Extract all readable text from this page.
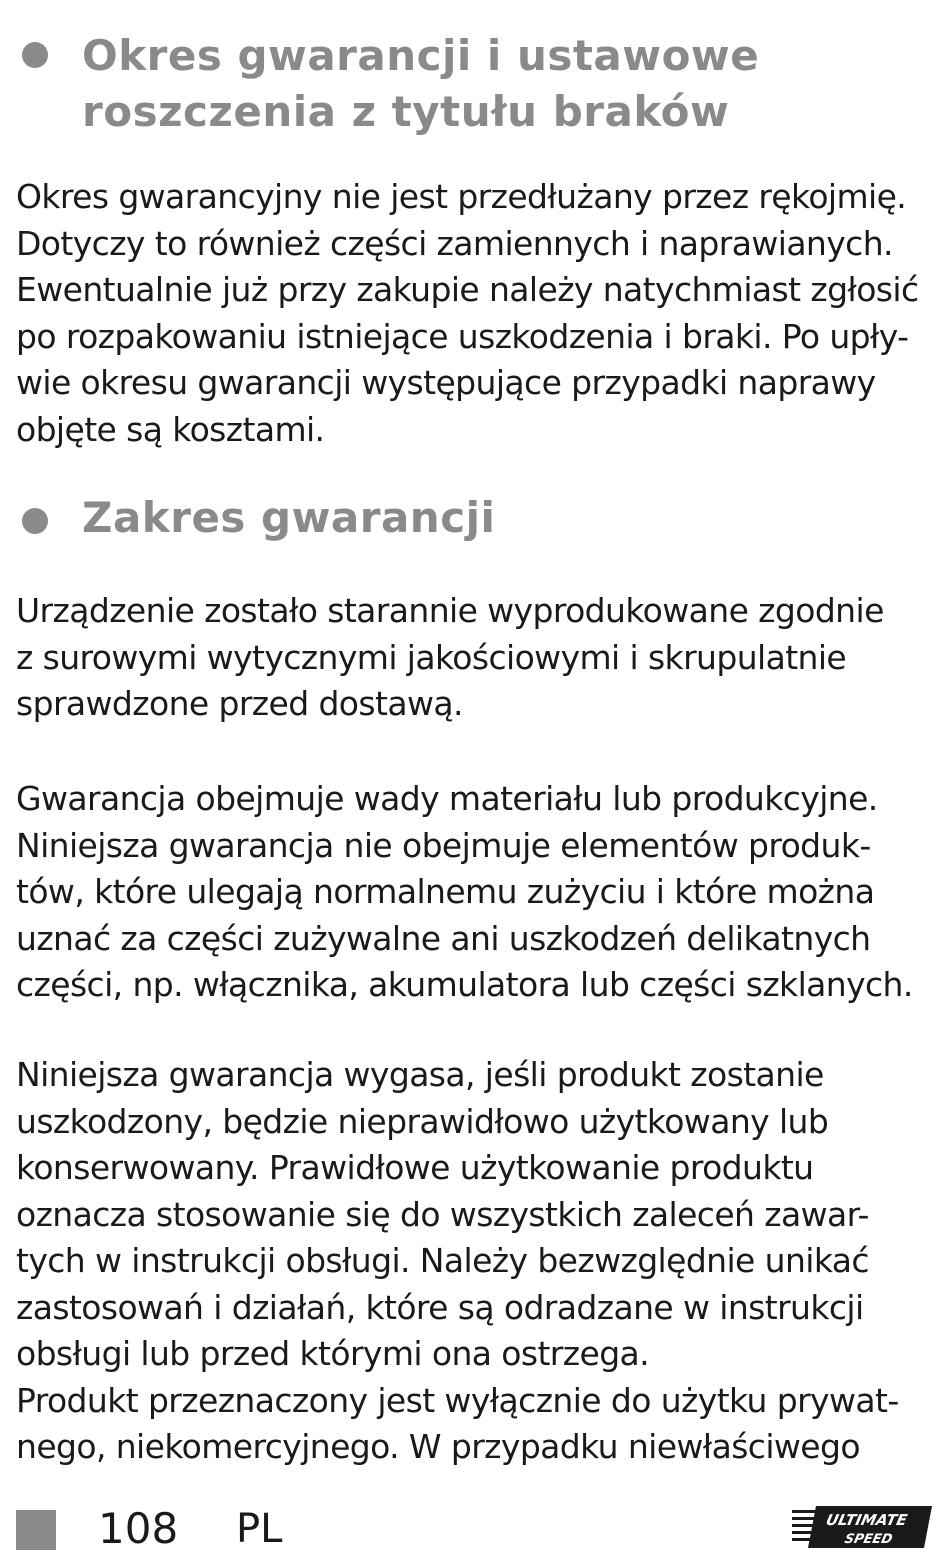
Okres gwarancji i ustawowe
roszczenia z tytułu braków
Okres gwarancyjny nie jest przedłużany przez rękojmię.
Dotyczy to również części zamiennych i naprawianych.
Ewentualnie już przy zakupie należy natychmiast zgłosić
po rozpakowaniu istniejące uszkodzenia i braki. Po upły-
wie okresu gwarancji występujące przypadki naprawy
objęte są kosztami.
Zakres gwarancji
Urządzenie zostało starannie wyprodukowane zgodnie
z surowymi wytycznymi jakościowymi i skrupulatnie
sprawdzone przed dostawą.
Gwarancja obejmuje wady materiału lub produkcyjne.
Niniejsza gwarancja nie obejmuje elementów produk-
tów, które ulegają normalnemu zużyciu i które można
uznać za części zużywalne ani uszkodzeń delikatnych
części, np. włącznika, akumulatora lub części szklanych.
Niniejsza gwarancja wygasa, jeśli produkt zostanie
uszkodzony, będzie nieprawidłowo użytkowany lub
konserwowany. Prawidłowe użytkowanie produktu
oznacza stosowanie się do wszystkich zaleceń zawar-
tych w instrukcji obsługi. Należy bezwzględnie unikać
zastosowań i działań, które są odradzane w instrukcji
obsługi lub przed którymi ona ostrzega.
Produkt przeznaczony jest wyłącznie do użytku prywat-
nego, niekomercyjnego. W przypadku niewłaściwego
108 PL	ULTIMATE
SPEED
